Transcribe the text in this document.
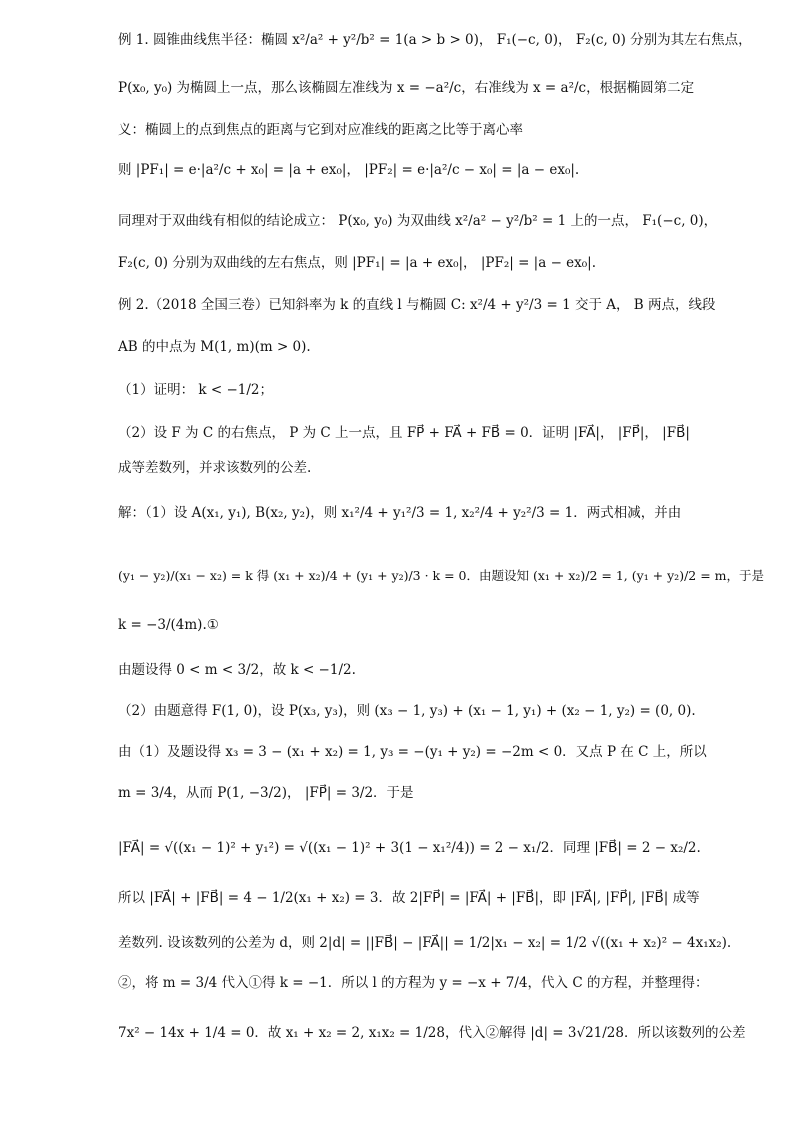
例 1. 圆锥曲线焦半径：椭圆 x²/a² + y²/b² = 1(a > b > 0)， F₁(−c, 0)， F₂(c, 0) 分别为其左右焦点，
P(x₀, y₀) 为椭圆上一点，那么该椭圆左准线为 x = −a²/c，右准线为 x = a²/c，根据椭圆第二定
义：椭圆上的点到焦点的距离与它到对应准线的距离之比等于离心率
则 |PF₁| = e·|a²/c + x₀| = |a + ex₀|， |PF₂| = e·|a²/c − x₀| = |a − ex₀|.
同理对于双曲线有相似的结论成立： P(x₀, y₀) 为双曲线 x²/a² − y²/b² = 1 上的一点， F₁(−c, 0)，
F₂(c, 0) 分别为双曲线的左右焦点，则 |PF₁| = |a + ex₀|， |PF₂| = |a − ex₀|.
例 2.（2018 全国三卷）已知斜率为 k 的直线 l 与椭圆 C: x²/4 + y²/3 = 1 交于 A， B 两点，线段
AB 的中点为 M(1, m)(m > 0).
（1）证明： k < −1/2；
（2）设 F 为 C 的右焦点， P 为 C 上一点，且 FP⃗ + FA⃗ + FB⃗ = 0．证明 |FA⃗|， |FP⃗|， |FB⃗|
成等差数列，并求该数列的公差.
解：（1）设 A(x₁, y₁), B(x₂, y₂)，则 x₁²/4 + y₁²/3 = 1, x₂²/4 + y₂²/3 = 1．两式相减，并由
(y₁ − y₂)/(x₁ − x₂) = k 得 (x₁ + x₂)/4 + (y₁ + y₂)/3 · k = 0．由题设知 (x₁ + x₂)/2 = 1, (y₁ + y₂)/2 = m，于是
k = −3/(4m).①
由题设得 0 < m < 3/2，故 k < −1/2.
（2）由题意得 F(1, 0)，设 P(x₃, y₃)，则 (x₃ − 1, y₃) + (x₁ − 1, y₁) + (x₂ − 1, y₂) = (0, 0).
由（1）及题设得 x₃ = 3 − (x₁ + x₂) = 1, y₃ = −(y₁ + y₂) = −2m < 0．又点 P 在 C 上，所以
m = 3/4，从而 P(1, −3/2)， |FP⃗| = 3/2．于是
|FA⃗| = √((x₁ − 1)² + y₁²) = √((x₁ − 1)² + 3(1 − x₁²/4)) = 2 − x₁/2．同理 |FB⃗| = 2 − x₂/2.
所以 |FA⃗| + |FB⃗| = 4 − 1/2(x₁ + x₂) = 3．故 2|FP⃗| = |FA⃗| + |FB⃗|，即 |FA⃗|, |FP⃗|, |FB⃗| 成等
差数列. 设该数列的公差为 d，则 2|d| = ||FB⃗| − |FA⃗|| = 1/2|x₁ − x₂| = 1/2 √((x₁ + x₂)² − 4x₁x₂).
②，将 m = 3/4 代入①得 k = −1．所以 l 的方程为 y = −x + 7/4，代入 C 的方程，并整理得：
7x² − 14x + 1/4 = 0．故 x₁ + x₂ = 2, x₁x₂ = 1/28，代入②解得 |d| = 3√21/28．所以该数列的公差
